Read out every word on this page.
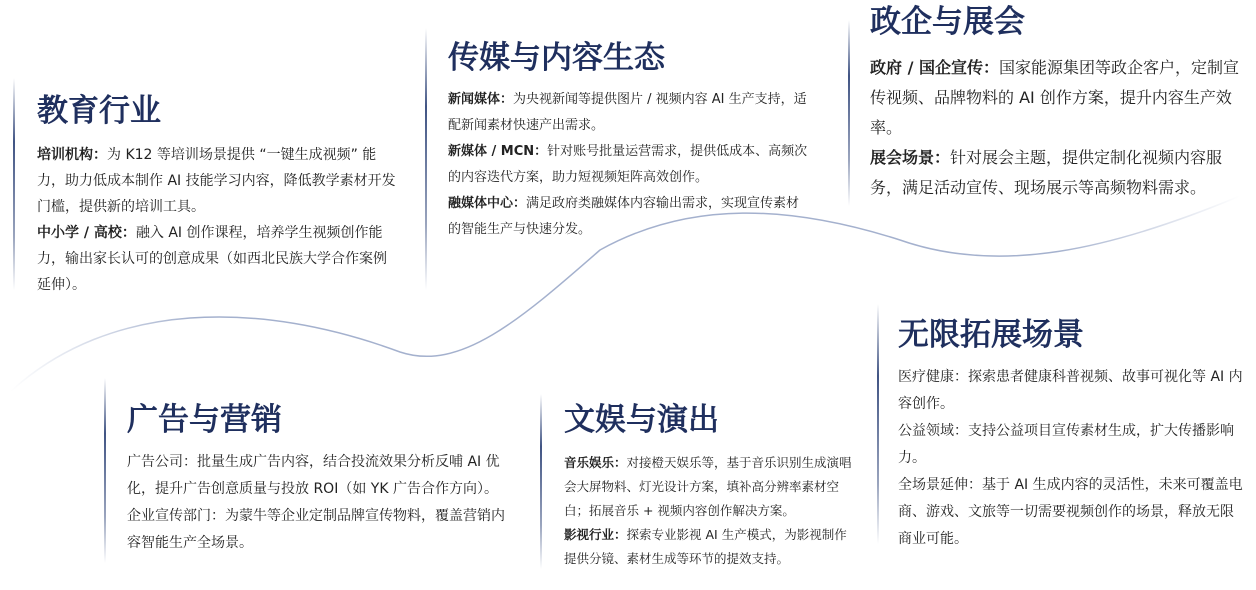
教育行业

培训机构：为 K12 等培训场景提供 “一键生成视频” 能力，助力低成本制作 AI 技能学习内容，降低教学素材开发门槛，提供新的培训工具。

中小学 / 高校：融入 AI 创作课程，培养学生视频创作能力，输出家长认可的创意成果（如西北民族大学合作案例延伸）。

传媒与内容生态

新闻媒体：为央视新闻等提供图片 / 视频内容 AI 生产支持，适配新闻素材快速产出需求。

新媒体 / MCN：针对账号批量运营需求，提供低成本、高频次的内容迭代方案，助力短视频矩阵高效创作。

融媒体中心：满足政府类融媒体内容输出需求，实现宣传素材的智能生产与快速分发。

政企与展会

政府 / 国企宣传：国家能源集团等政企客户，定制宣传视频、品牌物料的 AI 创作方案，提升内容生产效率。

展会场景：针对展会主题，提供定制化视频内容服务，满足活动宣传、现场展示等高频物料需求。

广告与营销

广告公司：批量生成广告内容，结合投流效果分析反哺 AI 优化，提升广告创意质量与投放 ROI（如 YK 广告合作方向）。

企业宣传部门：为蒙牛等企业定制品牌宣传物料，覆盖营销内容智能生产全场景。

文娱与演出

音乐娱乐：对接橙天娱乐等，基于音乐识别生成演唱会大屏物料、灯光设计方案，填补高分辨率素材空白；拓展音乐 + 视频内容创作解决方案。

影视行业：探索专业影视 AI 生产模式，为影视制作提供分镜、素材生成等环节的提效支持。

无限拓展场景

医疗健康：探索患者健康科普视频、故事可视化等 AI 内容创作。

公益领域：支持公益项目宣传素材生成，扩大传播影响力。

全场景延伸：基于 AI 生成内容的灵活性，未来可覆盖电商、游戏、文旅等一切需要视频创作的场景，释放无限商业可能。
